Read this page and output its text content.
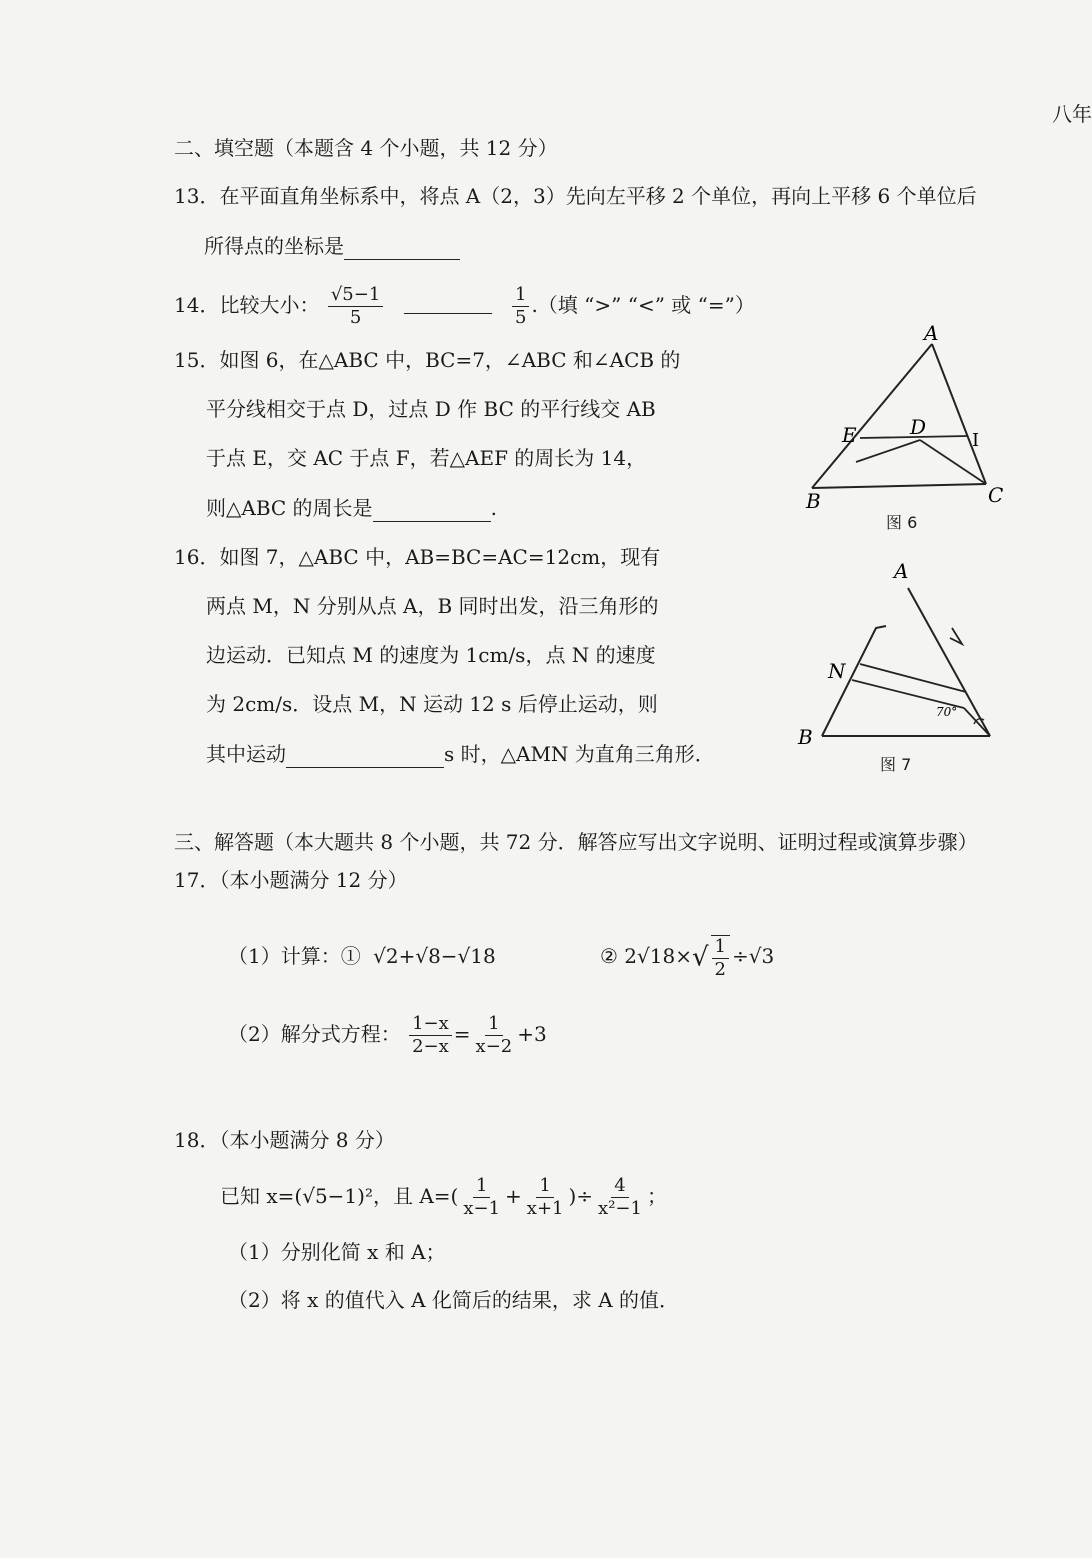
八年
二、填空题（本题含 4 个小题，共 12 分）
13．在平面直角坐标系中，将点 A（2，3）先向左平移 2 个单位，再向上平移 6 个单位后
所得点的坐标是
14．比较大小： $\frac{√5-1}{5}$
	$\frac{1}{5}$ .（填 “>” “<” 或 “=”）
15．如图 6，在△ABC 中，BC=7，∠ABC 和∠ACB 的
平分线相交于点 D，过点 D 作 BC 的平行线交 AB
于点 E，交 AC 于点 F，若△AEF 的周长为 14，
则△ABC 的周长是	.
A
B	C
D
E	I
图 6
16．如图 7，△ABC 中，AB=BC=AC=12cm，现有
两点 M，N 分别从点 A，B 同时出发，沿三角形的
边运动．已知点 M 的速度为 1cm/s，点 N 的速度
为 2cm/s．设点 M，N 运动 12 s 后停止运动，则
其中运动	s 时，△AMN 为直角三角形．
A
B
N
70°
图 7
三、解答题（本大题共 8 个小题，共 72 分．解答应写出文字说明、证明过程或演算步骤）
17．（本小题满分 12 分）
（1）计算：① √2+√8−√18	② $2√18\times√ \frac{1}{2} \div√3$
（2）解分式方程： $\frac{1-x}{2-x} = \frac{1}{x-2} +3$
18．（本小题满分 8 分）
已知 x=(√5−1)²，且 $A=( \frac{1}{x-1} + \frac{1}{x+1}$ )÷ $\frac{4}{\text{x²−1}}$ ；
（1）分别化简 x 和 A；
（2）将 x 的值代入 A 化简后的结果，求 A 的值．
